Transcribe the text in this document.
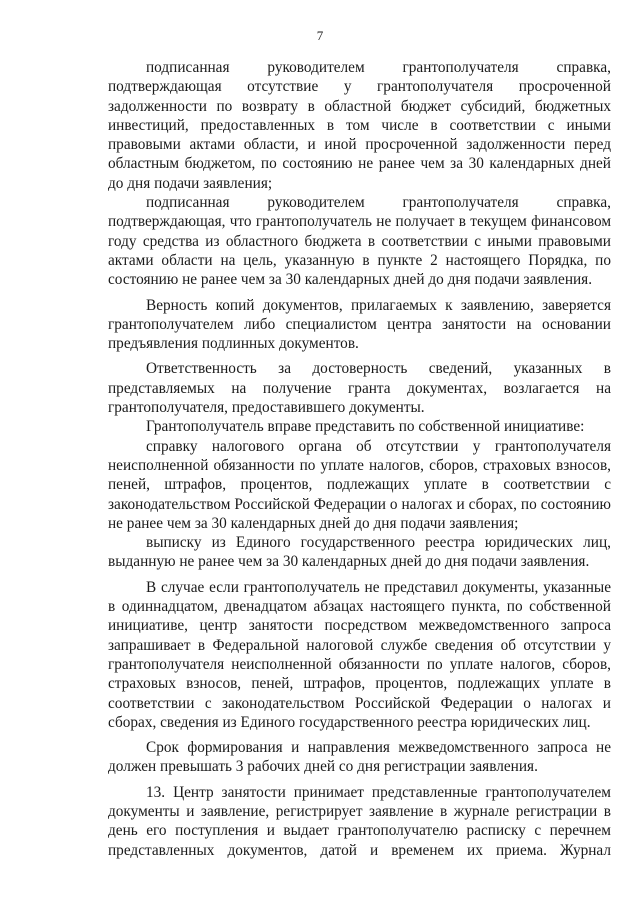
7

подписанная руководителем грантополучателя справка, подтверждающая отсутствие у грантополучателя просроченной задолженности по возврату в областной бюджет субсидий, бюджетных инвестиций, предоставленных в том числе в соответствии с иными правовыми актами области, и иной просроченной задолженности перед областным бюджетом, по состоянию не ранее чем за 30 календарных дней до дня подачи заявления;

подписанная руководителем грантополучателя справка, подтверждающая, что грантополучатель не получает в текущем финансовом году средства из областного бюджета в соответствии с иными правовыми актами области на цель, указанную в пункте 2 настоящего Порядка, по состоянию не ранее чем за 30 календарных дней до дня подачи заявления.

Верность копий документов, прилагаемых к заявлению, заверяется грантополучателем либо специалистом центра занятости на основании предъявления подлинных документов.

Ответственность за достоверность сведений, указанных в представляемых на получение гранта документах, возлагается на грантополучателя, предоставившего документы.

Грантополучатель вправе представить по собственной инициативе:

справку налогового органа об отсутствии у грантополучателя неисполненной обязанности по уплате налогов, сборов, страховых взносов, пеней, штрафов, процентов, подлежащих уплате в соответствии с законодательством Российской Федерации о налогах и сборах, по состоянию не ранее чем за 30 календарных дней до дня подачи заявления;

выписку из Единого государственного реестра юридических лиц, выданную не ранее чем за 30 календарных дней до дня подачи заявления.

В случае если грантополучатель не представил документы, указанные в одиннадцатом, двенадцатом абзацах настоящего пункта, по собственной инициативе, центр занятости посредством межведомственного запроса запрашивает в Федеральной налоговой службе сведения об отсутствии у грантополучателя неисполненной обязанности по уплате налогов, сборов, страховых взносов, пеней, штрафов, процентов, подлежащих уплате в соответствии с законодательством Российской Федерации о налогах и сборах, сведения из Единого государственного реестра юридических лиц.

Срок формирования и направления межведомственного запроса не должен превышать 3 рабочих дней со дня регистрации заявления.

13. Центр занятости принимает представленные грантополучателем документы и заявление, регистрирует заявление в журнале регистрации в день его поступления и выдает грантополучателю расписку с перечнем представленных документов, датой и временем их приема. Журнал
